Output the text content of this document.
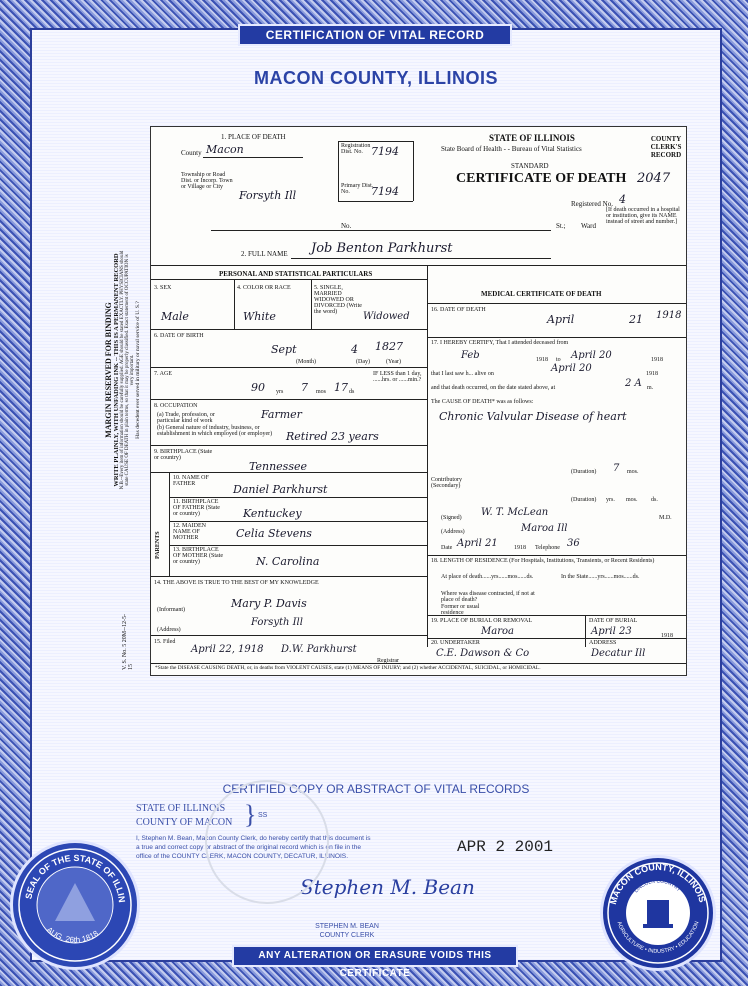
MACON COUNTY, ILLINOIS
MARGIN RESERVED FOR BINDING WRITE PLAINLY, WITH UNFADING INK -- THIS IS A PERMANENT RECORD N.B.--Every item of information should be carefully supplied. AGE should be stated EXACTLY. PHYSICIANS should state CAUSE OF DEATH in plain terms, so that it may be properly classified. Exact statement of OCCUPATION is very important. Has decedent ever served in military or naval service of U. S.?
V. S. No. 5 20M--12-5-15
1. PLACE OF DEATH
County Macon	Registration Dist. No. 7194
Primary Dist. No.	7194
Township or Road Dist. or Incorp. Town or Village or City
Forsyth Ill
No.	St.; Ward
[If death occurred in a hospital or institution, give its NAME instead of street and number.]
STATE OF ILLINOIS
State Board of Health - - Bureau of Vital Statistics
STANDARD
CERTIFICATE OF DEATH 2047
COUNTY CLERK'S RECORD
Registered No. 4
2. FULL NAME Job Benton Parkhurst
PERSONAL AND STATISTICAL PARTICULARS
MEDICAL CERTIFICATE OF DEATH
3. SEX
Male
4. COLOR OR RACE
White
5. SINGLE, MARRIED WIDOWED OR DIVORCED (Write the word)	Widowed
6. DATE OF BIRTH
Sept	4 1827
(Month)	(Day)	(Year)
7. AGE
90 yrs 7 mos 17 ds
IF LESS than 1 day, ......hrs. or ......min.?
8. OCCUPATION
(a) Trade, profession, or particular kind of work	Farmer
(b) General nature of industry, business, or establishment in which employed (or employer)	Retired 23 years
9. BIRTHPLACE (State or country)
Tennessee
PARENTS
10. NAME OF FATHER	Daniel Parkhurst
11. BIRTHPLACE OF FATHER (State or country)	Kentuckey
12. MAIDEN NAME OF MOTHER	Celia Stevens
13. BIRTHPLACE OF MOTHER (State or country)	N. Carolina
14. THE ABOVE IS TRUE TO THE BEST OF MY KNOWLEDGE
(Informant)	Mary P. Davis
(Address)
Forsyth Ill
15. Filed
April 22, 1918 D.W. Parkhurst
Registrar
16. DATE OF DEATH
April	21 1918
17. I HEREBY CERTIFY, That I attended deceased from
Feb	1918 to April 20	1918
that I last saw h... alive on	April 20	1918
and that death occurred, on the date stated above, at	2 A m.
The CAUSE OF DEATH* was as follows:
Chronic Valvular Disease of heart
(Duration) 7 mos.
Contributory (Secondary)
(Duration) yrs. mos. ds.
(Signed) W. T. McLean	M.D.
(Address)	Maroa Ill
Date April 21	1918 Telephone 36
18. LENGTH OF RESIDENCE (For Hospitals, Institutions, Transients, or Recent Residents)
At place of death......yrs......mos......ds.	In the State......yrs......mos......ds.
Where was disease contracted, if not at place of death?
Former or usual residence
19. PLACE OF BURIAL OR REMOVAL	DATE OF BURIAL
Maroa	April 23	1918
20. UNDERTAKER	ADDRESS
C.E. Dawson & Co	Decatur Ill
*State the DISEASE CAUSING DEATH, or, in deaths from VIOLENT CAUSES, state (1) MEANS OF INJURY; and (2) whether ACCIDENTAL, SUICIDAL, or HOMICIDAL.
CERTIFIED COPY OR ABSTRACT OF VITAL RECORDS
STATE OF ILLINOIS
COUNTY OF MACON } SS
I, Stephen M. Bean, Macon County Clerk, do hereby certify that this document is a true and correct copy or abstract of the original record which is on file in the office of the COUNTY CLERK, MACON COUNTY, DECATUR, ILLINOIS.
APR 2 2001
Stephen M. Bean
STEPHEN M. BEAN
COUNTY CLERK
CERTIFICATION OF VITAL RECORD
ANY ALTERATION OR ERASURE VOIDS THIS CERTIFICATE
SEAL OF THE STATE OF ILLIN
AUG. 26th 1818
MACON COUNTY, ILLINOIS
LINCOLN COUNTRY
AGRICULTURE • INDUSTRY • EDUCATION
